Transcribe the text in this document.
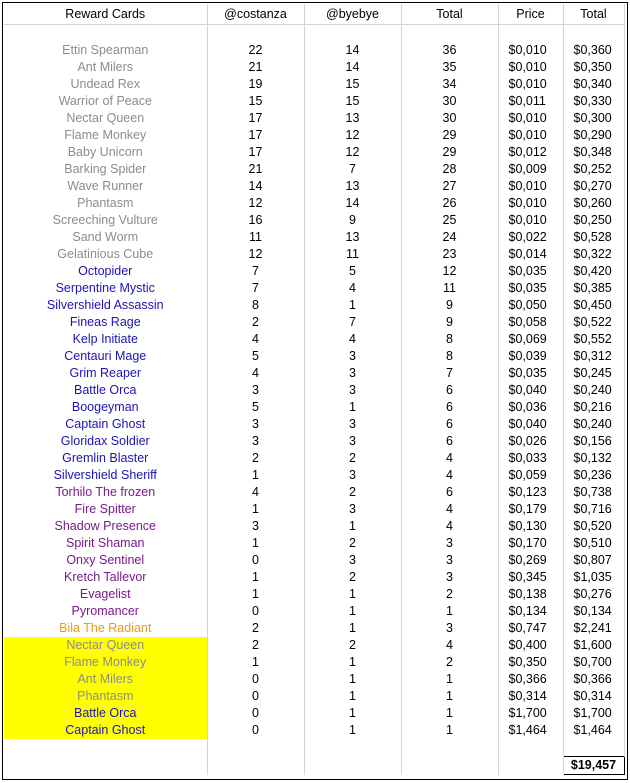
Reward Cards	@costanza	@byebye	Total	Price	Total

Ettin Spearman	22	14	36	$0,010	$0,360
Ant Milers	21	14	35	$0,010	$0,350
Undead Rex	19	15	34	$0,010	$0,340
Warrior of Peace	15	15	30	$0,011	$0,330
Nectar Queen	17	13	30	$0,010	$0,300
Flame Monkey	17	12	29	$0,010	$0,290
Baby Unicorn	17	12	29	$0,012	$0,348
Barking Spider	21	7	28	$0,009	$0,252
Wave Runner	14	13	27	$0,010	$0,270
Phantasm	12	14	26	$0,010	$0,260
Screeching Vulture	16	9	25	$0,010	$0,250
Sand Worm	11	13	24	$0,022	$0,528
Gelatinious Cube	12	11	23	$0,014	$0,322
Octopider	7	5	12	$0,035	$0,420
Serpentine Mystic	7	4	11	$0,035	$0,385
Silvershield Assassin	8	1	9	$0,050	$0,450
Fineas Rage	2	7	9	$0,058	$0,522
Kelp Initiate	4	4	8	$0,069	$0,552
Centauri Mage	5	3	8	$0,039	$0,312
Grim Reaper	4	3	7	$0,035	$0,245
Battle Orca	3	3	6	$0,040	$0,240
Boogeyman	5	1	6	$0,036	$0,216
Captain Ghost	3	3	6	$0,040	$0,240
Gloridax Soldier	3	3	6	$0,026	$0,156
Gremlin Blaster	2	2	4	$0,033	$0,132
Silvershield Sheriff	1	3	4	$0,059	$0,236
Torhilo The frozen	4	2	6	$0,123	$0,738
Fire Spitter	1	3	4	$0,179	$0,716
Shadow Presence	3	1	4	$0,130	$0,520
Spirit Shaman	1	2	3	$0,170	$0,510
Onxy Sentinel	0	3	3	$0,269	$0,807
Kretch Tallevor	1	2	3	$0,345	$1,035
Evagelist	1	1	2	$0,138	$0,276
Pyromancer	0	1	1	$0,134	$0,134
Bila The Radiant	2	1	3	$0,747	$2,241
Nectar Queen	2	2	4	$0,400	$1,600
Flame Monkey	1	1	2	$0,350	$0,700
Ant Milers	0	1	1	$0,366	$0,366
Phantasm	0	1	1	$0,314	$0,314
Battle Orca	0	1	1	$1,700	$1,700
Captain Ghost	0	1	1	$1,464	$1,464

					$19,457
